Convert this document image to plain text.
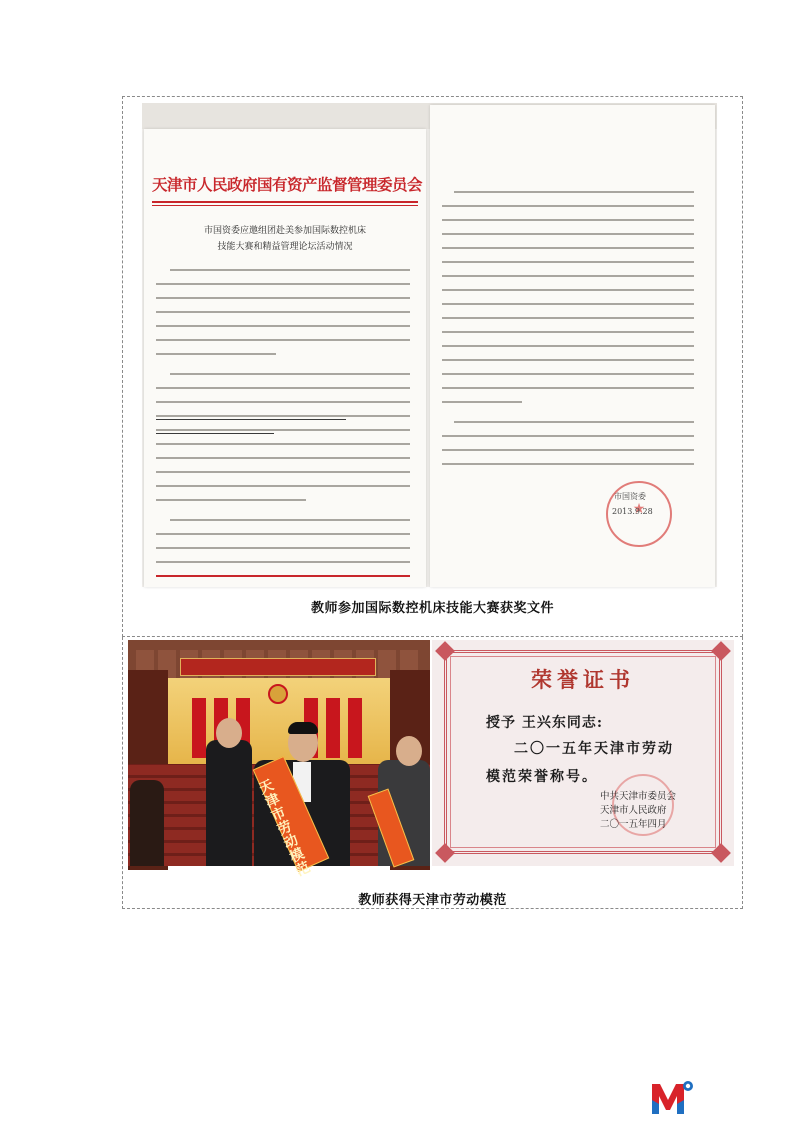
教师参加国际数控机床技能大赛获奖文件
天津市人民政府国有资产监督管理委员会
市国资委应邀组团赴美参加国际数控机床
技能大赛和精益管理论坛活动情况
★
市国资委
2013.9.28
教师获得天津市劳动模范
天津市劳动模范
荣誉证书
授予 王兴东同志:
二〇一五年天津市劳动
模范荣誉称号。
中共天津市委员会
天津市人民政府
二〇一五年四月
